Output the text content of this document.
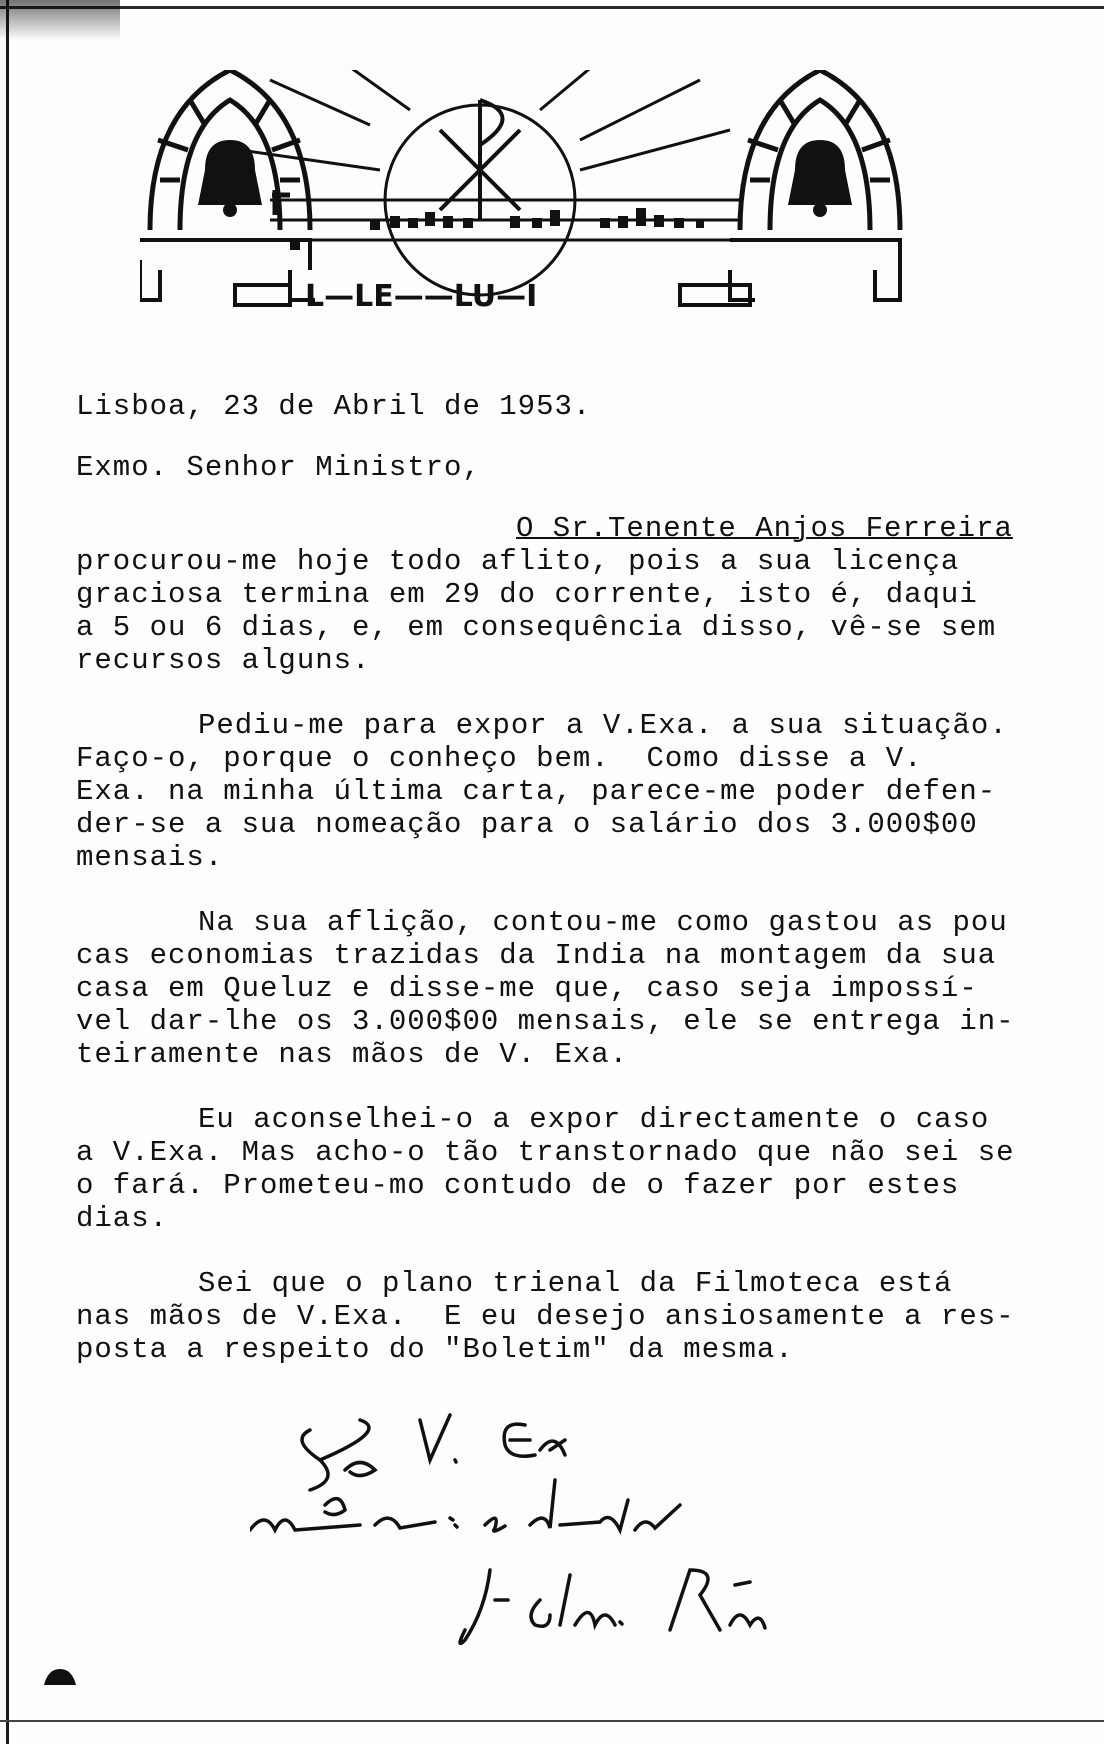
L—LE——LU—I

Lisboa, 23 de Abril de 1953.

Exmo. Senhor Ministro,

O Sr.Tenente Anjos Ferreira

procurou-me hoje todo aflito, pois a sua licença

graciosa termina em 29 do corrente, isto é, daqui

a 5 ou 6 dias, e, em consequência disso, vê-se sem

recursos alguns.

Pediu-me para expor a V.Exa. a sua situação.

Faço-o, porque o conheço bem.  Como disse a V.

Exa. na minha última carta, parece-me poder defen-

der-se a sua nomeação para o salário dos 3.000$00

mensais.

Na sua aflição, contou-me como gastou as pou

cas economias trazidas da India na montagem da sua

casa em Queluz e disse-me que, caso seja impossí-

vel dar-lhe os 3.000$00 mensais, ele se entrega in-

teiramente nas mãos de V. Exa.

Eu aconselhei-o a expor directamente o caso

a V.Exa. Mas acho-o tão transtornado que não sei se

o fará. Prometeu-mo contudo de o fazer por estes

dias.

Sei que o plano trienal da Filmoteca está

nas mãos de V.Exa.  E eu desejo ansiosamente a res-

posta a respeito do "Boletim" da mesma.
